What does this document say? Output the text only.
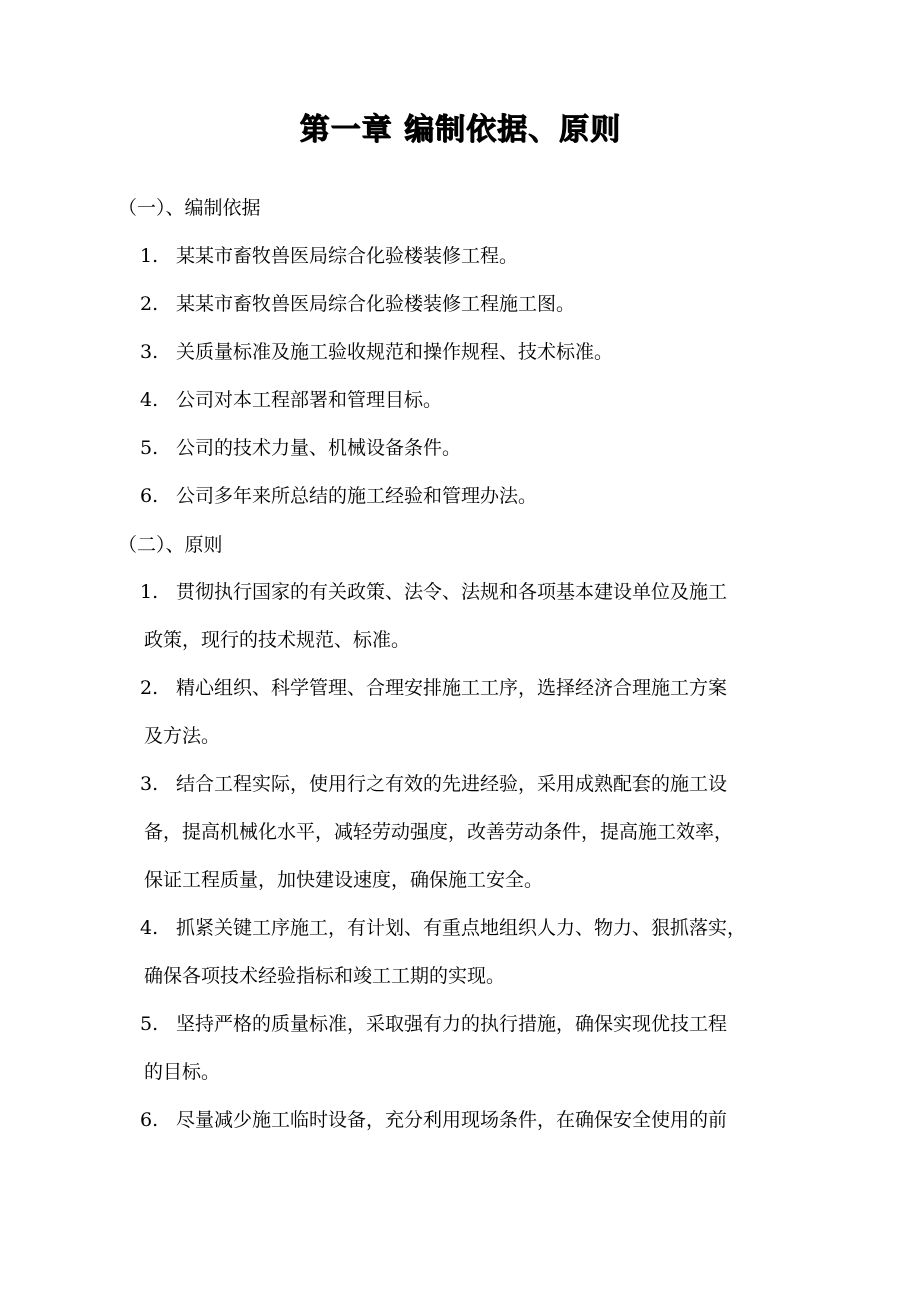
第一章 编制依据、原则
（一）、编制依据
1. 某某市畜牧兽医局综合化验楼装修工程。
2. 某某市畜牧兽医局综合化验楼装修工程施工图。
3. 关质量标准及施工验收规范和操作规程、技术标准。
4. 公司对本工程部署和管理目标。
5. 公司的技术力量、机械设备条件。
6. 公司多年来所总结的施工经验和管理办法。
（二）、原则
1. 贯彻执行国家的有关政策、法令、法规和各项基本建设单位及施工
政策，现行的技术规范、标准。
2. 精心组织、科学管理、合理安排施工工序，选择经济合理施工方案
及方法。
3. 结合工程实际，使用行之有效的先进经验，采用成熟配套的施工设
备，提高机械化水平，减轻劳动强度，改善劳动条件，提高施工效率，
保证工程质量，加快建设速度，确保施工安全。
4. 抓紧关键工序施工，有计划、有重点地组织人力、物力、狠抓落实，
确保各项技术经验指标和竣工工期的实现。
5. 坚持严格的质量标准，采取强有力的执行措施，确保实现优技工程
的目标。
6. 尽量减少施工临时设备，充分利用现场条件，在确保安全使用的前
